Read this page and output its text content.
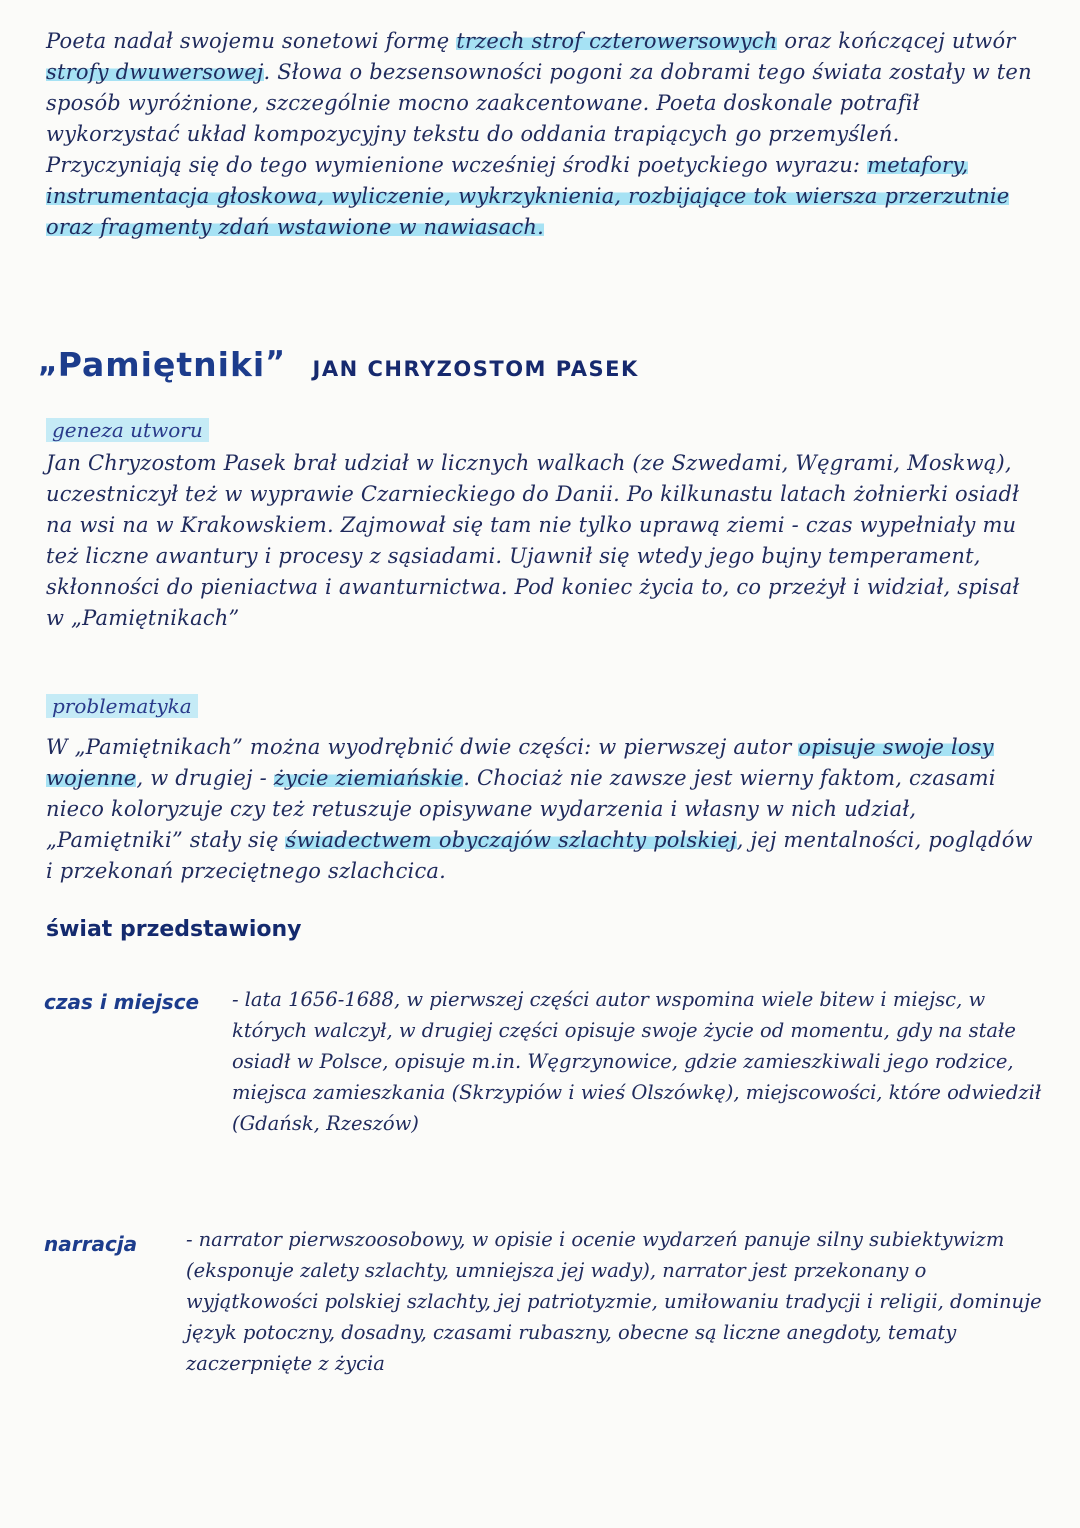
Poeta nadał swojemu sonetowi formę trzech strof czterowersowych oraz kończącej utwór strofy dwuwersowej. Słowa o bezsensowności pogoni za dobrami tego świata zostały w ten sposób wyróżnione, szczególnie mocno zaakcentowane. Poeta doskonale potrafił wykorzystać układ kompozycyjny tekstu do oddania trapiących go przemyśleń. Przyczyniają się do tego wymienione wcześniej środki poetyckiego wyrazu: metafory, instrumentacja głoskowa, wyliczenie, wykrzyknienia, rozbijające tok wiersza przerzutnie oraz fragmenty zdań wstawione w nawiasach.

„Pamiętniki” JAN CHRYZOSTOM PASEK

geneza utworu

Jan Chryzostom Pasek brał udział w licznych walkach (ze Szwedami, Węgrami, Moskwą), uczestniczył też w wyprawie Czarnieckiego do Danii. Po kilkunastu latach żołnierki osiadł na wsi na w Krakowskiem. Zajmował się tam nie tylko uprawą ziemi - czas wypełniały mu też liczne awantury i procesy z sąsiadami. Ujawnił się wtedy jego bujny temperament, skłonności do pieniactwa i awanturnictwa. Pod koniec życia to, co przeżył i widział, spisał w „Pamiętnikach”

problematyka

W „Pamiętnikach” można wyodrębnić dwie części: w pierwszej autor opisuje swoje losy wojenne, w drugiej - życie ziemiańskie. Chociaż nie zawsze jest wierny faktom, czasami nieco koloryzuje czy też retuszuje opisywane wydarzenia i własny w nich udział, „Pamiętniki” stały się świadectwem obyczajów szlachty polskiej, jej mentalności, poglądów i przekonań przeciętnego szlachcica.

świat przedstawiony

czas i miejsce - lata 1656-1688, w pierwszej części autor wspomina wiele bitew i miejsc, w których walczył, w drugiej części opisuje swoje życie od momentu, gdy na stałe osiadł w Polsce, opisuje m.in. Węgrzynowice, gdzie zamieszkiwali jego rodzice, miejsca zamieszkania (Skrzypiów i wieś Olszówkę), miejscowości, które odwiedził (Gdańsk, Rzeszów)

narracja	- narrator pierwszoosobowy, w opisie i ocenie wydarzeń panuje silny subiektywizm (eksponuje zalety szlachty, umniejsza jej wady), narrator jest przekonany o wyjątkowości polskiej szlachty, jej patriotyzmie, umiłowaniu tradycji i religii, dominuje język potoczny, dosadny, czasami rubaszny, obecne są liczne anegdoty, tematy zaczerpnięte z życia
